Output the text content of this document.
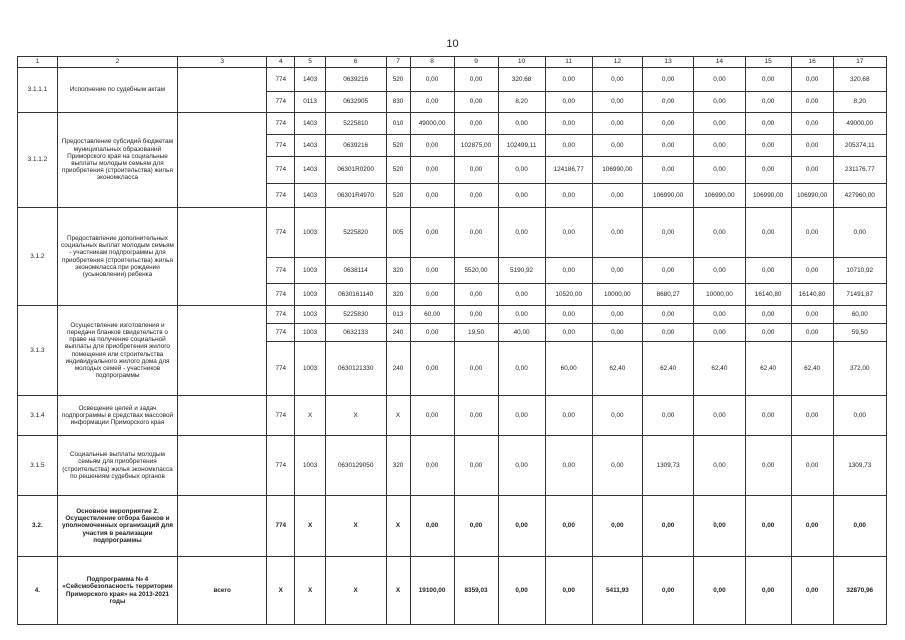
10
1	2	3	4	5	6	7	8	9	10	11	12	13	14	15	16	17
3.1.1.1	Исполнение по судебным актам		774	1403	0639216	520	0,00	0,00	320,68	0,00	0,00	0,00	0,00	0,00	0,00	320,68
			774	0113	0632905	830	0,00	0,00	8,20	0,00	0,00	0,00	0,00	0,00	0,00	8,20
3.1.1.2	Предоставление субсидий бюджетам муниципальных образований Приморского края на социальные выплаты молодым семьям для приобретения (строительства) жилья экономкласса		774	1403	5225810	010	49000,00	0,00	0,00	0,00	0,00	0,00	0,00	0,00	0,00	49000,00
			774	1403	0639216	520	0,00	102875,00	102499,11	0,00	0,00	0,00	0,00	0,00	0,00	205374,11
			774	1403	06301R0200	520	0,00	0,00	0,00	124186,77	106990,00	0,00	0,00	0,00	0,00	231176,77
			774	1403	06301R4970	520	0,00	0,00	0,00	0,00	0,00	106990,00	106990,00	106990,00	106990,00	427960,00
3.1.2	Предоставление дополнительных социальных выплат молодым семьям - участникам подпрограммы для приобретения (строительства) жилья экономкласса при рождении (усыновлении) ребенка		774	1003	5225820	005	0,00	0,00	0,00	0,00	0,00	0,00	0,00	0,00	0,00	0,00
			774	1003	0638114	320	0,00	5520,00	5190,92	0,00	0,00	0,00	0,00	0,00	0,00	10710,92
			774	1003	0630161140	320	0,00	0,00	0,00	10520,00	10000,00	8680,27	10000,00	16140,80	16140,80	71491,87
3.1.3	Осуществление изготовления и передачи бланков свидетельств о праве на получение социальной выплаты для приобретения жилого помещения или строительства индивидуального жилого дома для молодых семей - участников подпрограммы		774	1003	5225830	013	60,00	0,00	0,00	0,00	0,00	0,00	0,00	0,00	0,00	60,00
			774	1003	0632133	240	0,00	19,50	40,00	0,00	0,00	0,00	0,00	0,00	0,00	59,50
			774	1003	0630121330	240	0,00	0,00	0,00	60,00	62,40	62,40	62,40	62,40	62,40	372,00
3.1.4	Освещение целей и задач подпрограммы в средствах массовой информации Приморского края		774	X	X	X	0,00	0,00	0,00	0,00	0,00	0,00	0,00	0,00	0,00	0,00
3.1.5	Социальные выплаты молодым семьям для приобретения (строительства) жилья экономкласса по решениям судебных органов		774	1003	0630129050	320	0,00	0,00	0,00	0,00	0,00	1309,73	0,00	0,00	0,00	1309,73
3.2.	Основное мероприятие 2. Осуществление отбора банков и уполномоченных организаций для участия в реализации подпрограммы		774	X	X	X	0,00	0,00	0,00	0,00	0,00	0,00	0,00	0,00	0,00	0,00
4.	Подпрограмма № 4 «Сейсмобезопасность территории Приморского края» на 2013-2021 годы	всего	X	X	X	X	19100,00	8359,03	0,00	0,00	5411,93	0,00	0,00	0,00	0,00	32870,96
